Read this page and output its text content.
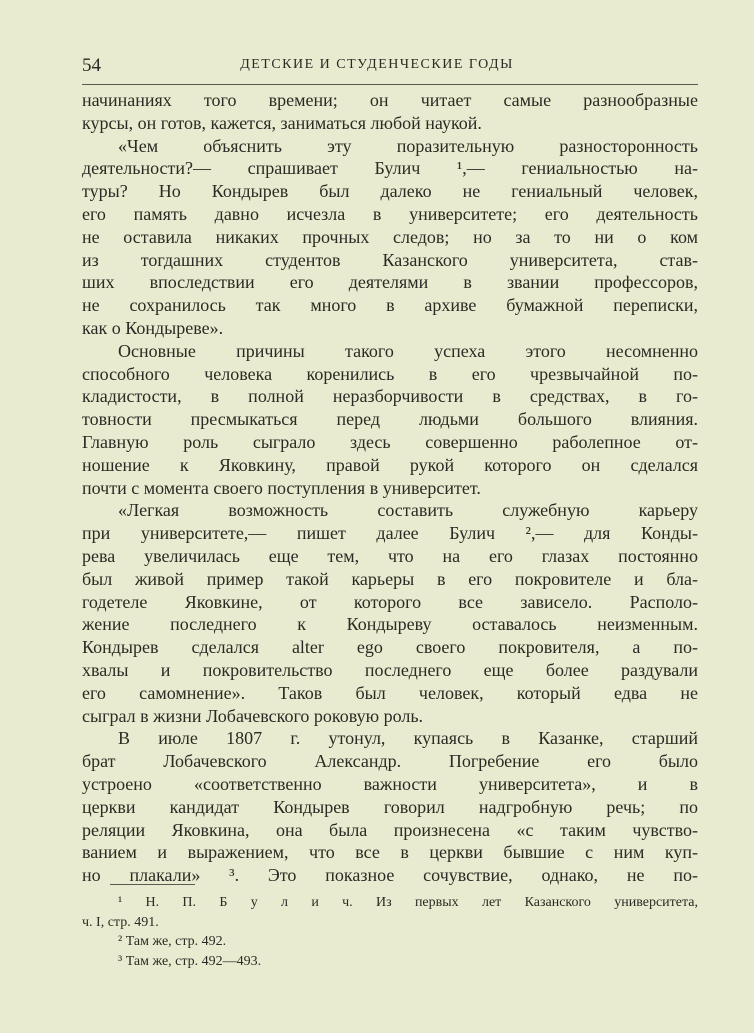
54	ДЕТСКИЕ И СТУДЕНЧЕСКИЕ ГОДЫ
начинаниях того времени; он читает самые разнообразные
курсы, он готов, кажется, заниматься любой наукой.
«Чем объяснить эту поразительную разносторонность
деятельности?— спрашивает Булич ¹,— гениальностью на-
туры? Но Кондырев был далеко не гениальный человек,
его память давно исчезла в университете; его деятельность
не оставила никаких прочных следов; но за то ни о ком
из тогдашних студентов Казанского университета, став-
ших впоследствии его деятелями в звании профессоров,
не сохранилось так много в архиве бумажной переписки,
как о Кондыреве».
Основные причины такого успеха этого несомненно
способного человека коренились в его чрезвычайной по-
кладистости, в полной неразборчивости в средствах, в го-
товности пресмыкаться перед людьми большого влияния.
Главную роль сыграло здесь совершенно раболепное от-
ношение к Яковкину, правой рукой которого он сделался
почти с момента своего поступления в университет.
«Легкая возможность составить служебную карьеру
при университете,— пишет далее Булич ²,— для Конды-
рева увеличилась еще тем, что на его глазах постоянно
был живой пример такой карьеры в его покровителе и бла-
годетеле Яковкине, от которого все зависело. Располо-
жение последнего к Кондыреву оставалось неизменным.
Кондырев сделался alter ego своего покровителя, а по-
хвалы и покровительство последнего еще более раздували
его самомнение». Таков был человек, который едва не
сыграл в жизни Лобачевского роковую роль.
В июле 1807 г. утонул, купаясь в Казанке, старший
брат Лобачевского Александр. Погребение его было
устроено «соответственно важности университета», и в
церкви кандидат Кондырев говорил надгробную речь; по
реляции Яковкина, она была произнесена «с таким чувство-
ванием и выражением, что все в церкви бывшие с ним куп-
но плакали» ³. Это показное сочувствие, однако, не по-
¹ Н. П. Б у л и ч. Из первых лет Казанского университета,
ч. I, стр. 491.
² Там же, стр. 492.
³ Там же, стр. 492—493.
